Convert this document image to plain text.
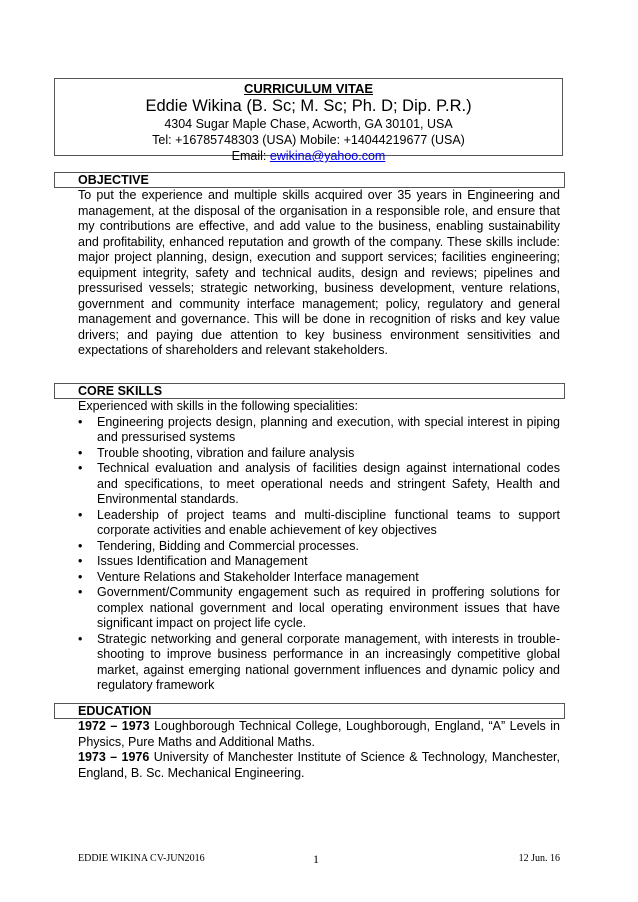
CURRICULUM VITAE
Eddie Wikina (B. Sc; M. Sc; Ph. D; Dip. P.R.)
4304 Sugar Maple Chase, Acworth, GA 30101, USA
Tel: +16785748303 (USA) Mobile: +14044219677 (USA)
Email: ewikina@yahoo.com
OBJECTIVE

To put the experience and multiple skills acquired over 35 years in Engineering and management, at the disposal of the organisation in a responsible role, and ensure that my contributions are effective, and add value to the business, enabling sustainability and profitability, enhanced reputation and growth of the company. These skills include: major project planning, design, execution and support services; facilities engineering; equipment integrity, safety and technical audits, design and reviews; pipelines and pressurised vessels; strategic networking, business development, venture relations, government and community interface management; policy, regulatory and general management and governance. This will be done in recognition of risks and key value drivers; and paying due attention to key business environment sensitivities and expectations of shareholders and relevant stakeholders.

CORE SKILLS

Experienced with skills in the following specialities:

• Engineering projects design, planning and execution, with special interest in piping and pressurised systems
• Trouble shooting, vibration and failure analysis
• Technical evaluation and analysis of facilities design against international codes and specifications, to meet operational needs and stringent Safety, Health and Environmental standards.
• Leadership of project teams and multi-discipline functional teams to support corporate activities and enable achievement of key objectives
• Tendering, Bidding and Commercial processes.
• Issues Identification and Management
• Venture Relations and Stakeholder Interface management
• Government/Community engagement such as required in proffering solutions for complex national government and local operating environment issues that have significant impact on project life cycle.
• Strategic networking and general corporate management, with interests in trouble-shooting to improve business performance in an increasingly competitive global market, against emerging national government influences and dynamic policy and regulatory framework
EDUCATION

1972 – 1973 Loughborough Technical College, Loughborough, England, “A” Levels in Physics, Pure Maths and Additional Maths.

1973 – 1976 University of Manchester Institute of Science & Technology, Manchester, England, B. Sc. Mechanical Engineering.

EDDIE WIKINA CV-JUN2016	1	12 Jun. 16
